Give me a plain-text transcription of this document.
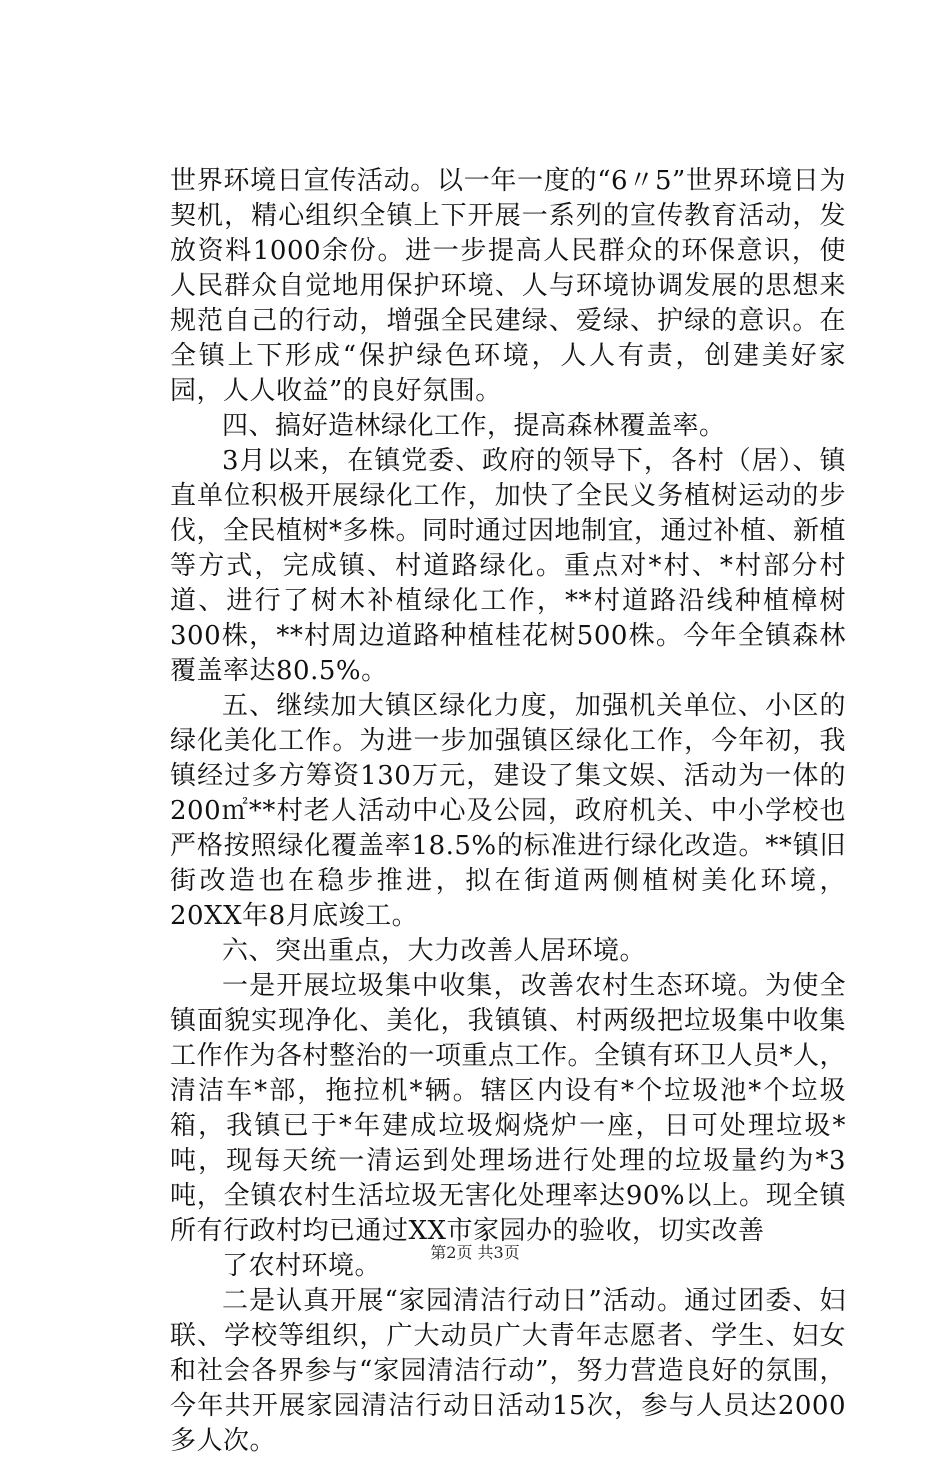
世界环境日宣传活动。以一年一度的“6〃5”世界环境日为契机，精心组织全镇上下开展一系列的宣传教育活动，发放资料1000余份。进一步提高人民群众的环保意识，使人民群众自觉地用保护环境、人与环境协调发展的思想来规范自己的行动，增强全民建绿、爱绿、护绿的意识。在全镇上下形成“保护绿色环境，人人有责，创建美好家园，人人收益”的良好氛围。

四、搞好造林绿化工作，提高森林覆盖率。

3月以来，在镇党委、政府的领导下，各村（居）、镇直单位积极开展绿化工作，加快了全民义务植树运动的步伐，全民植树*多株。同时通过因地制宜，通过补植、新植等方式，完成镇、村道路绿化。重点对*村、*村部分村道、进行了树木补植绿化工作，**村道路沿线种植樟树300株，**村周边道路种植桂花树500株。今年全镇森林覆盖率达80.5%。

五、继续加大镇区绿化力度，加强机关单位、小区的绿化美化工作。为进一步加强镇区绿化工作，今年初，我镇经过多方筹资130万元，建设了集文娱、活动为一体的200㎡**村老人活动中心及公园，政府机关、中小学校也严格按照绿化覆盖率18.5%的标准进行绿化改造。**镇旧街改造也在稳步推进，拟在街道两侧植树美化环境，20XX年8月底竣工。

六、突出重点，大力改善人居环境。

一是开展垃圾集中收集，改善农村生态环境。为使全镇面貌实现净化、美化，我镇镇、村两级把垃圾集中收集工作作为各村整治的一项重点工作。全镇有环卫人员*人，清洁车*部，拖拉机*辆。辖区内设有*个垃圾池*个垃圾箱，我镇已于*年建成垃圾焖烧炉一座，日可处理垃圾*吨，现每天统一清运到处理场进行处理的垃圾量约为*3吨，全镇农村生活垃圾无害化处理率达90%以上。现全镇所有行政村均已通过XX市家园办的验收，切实改善

了农村环境。

二是认真开展“家园清洁行动日”活动。通过团委、妇联、学校等组织，广大动员广大青年志愿者、学生、妇女和社会各界参与“家园清洁行动”，努力营造良好的氛围，今年共开展家园清洁行动日活动15次，参与人员达2000多人次。

第2页 共3页
